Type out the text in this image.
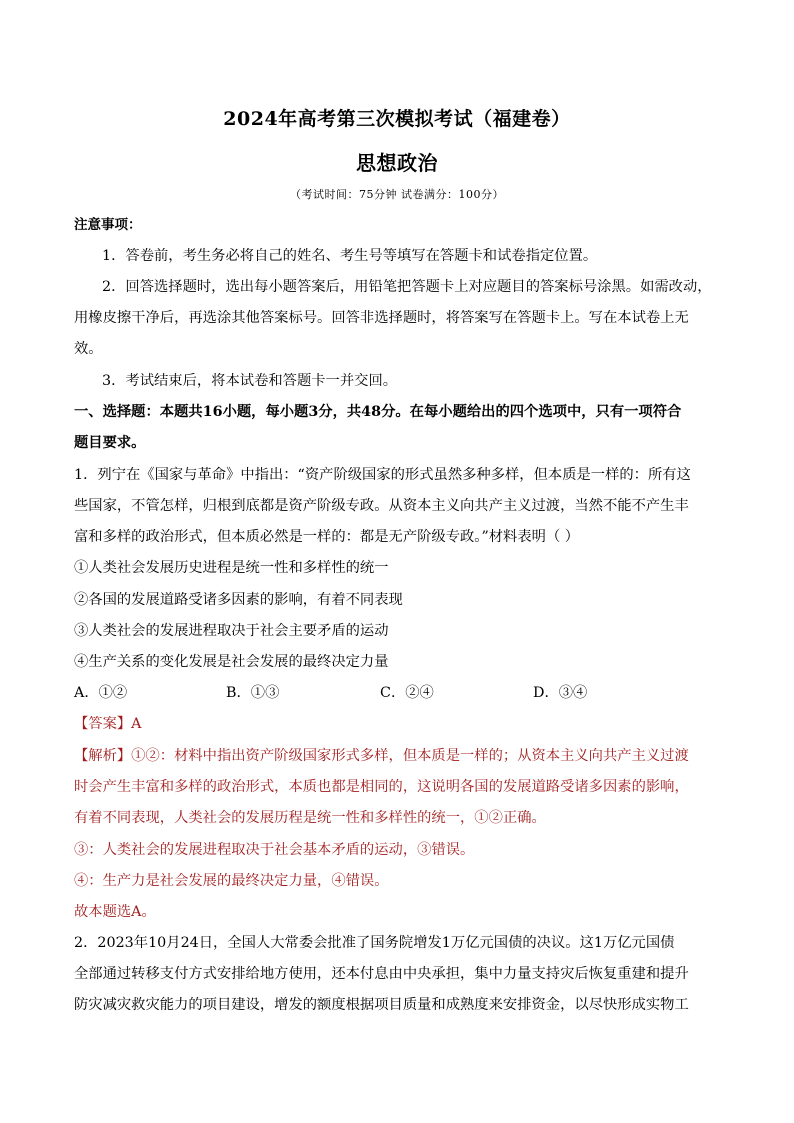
2024年高考第三次模拟考试（福建卷）
思想政治
（考试时间：75分钟 试卷满分：100分）
注意事项：
1．答卷前，考生务必将自己的姓名、考生号等填写在答题卡和试卷指定位置。
2．回答选择题时，选出每小题答案后，用铅笔把答题卡上对应题目的答案标号涂黑。如需改动，
用橡皮擦干净后，再选涂其他答案标号。回答非选择题时，将答案写在答题卡上。写在本试卷上无
效。
3．考试结束后，将本试卷和答题卡一并交回。
一、选择题：本题共16小题，每小题3分，共48分。在每小题给出的四个选项中，只有一项符合
题目要求。
1．列宁在《国家与革命》中指出：“资产阶级国家的形式虽然多种多样，但本质是一样的：所有这
些国家，不管怎样，归根到底都是资产阶级专政。从资本主义向共产主义过渡，当然不能不产生丰
富和多样的政治形式，但本质必然是一样的：都是无产阶级专政。”材料表明（ ）
①人类社会发展历史进程是统一性和多样性的统一
②各国的发展道路受诸多因素的影响，有着不同表现
③人类社会的发展进程取决于社会主要矛盾的运动
④生产关系的变化发展是社会发展的最终决定力量
A．①②	B．①③	C．②④	D．③④
【答案】A
【解析】①②：材料中指出资产阶级国家形式多样，但本质是一样的；从资本主义向共产主义过渡
时会产生丰富和多样的政治形式，本质也都是相同的，这说明各国的发展道路受诸多因素的影响，
有着不同表现，人类社会的发展历程是统一性和多样性的统一，①②正确。
③：人类社会的发展进程取决于社会基本矛盾的运动，③错误。
④：生产力是社会发展的最终决定力量，④错误。
故本题选A。
2．2023年10月24日，全国人大常委会批准了国务院增发1万亿元国债的决议。这1万亿元国债
全部通过转移支付方式安排给地方使用，还本付息由中央承担，集中力量支持灾后恢复重建和提升
防灾减灾救灾能力的项目建设，增发的额度根据项目质量和成熟度来安排资金，以尽快形成实物工
